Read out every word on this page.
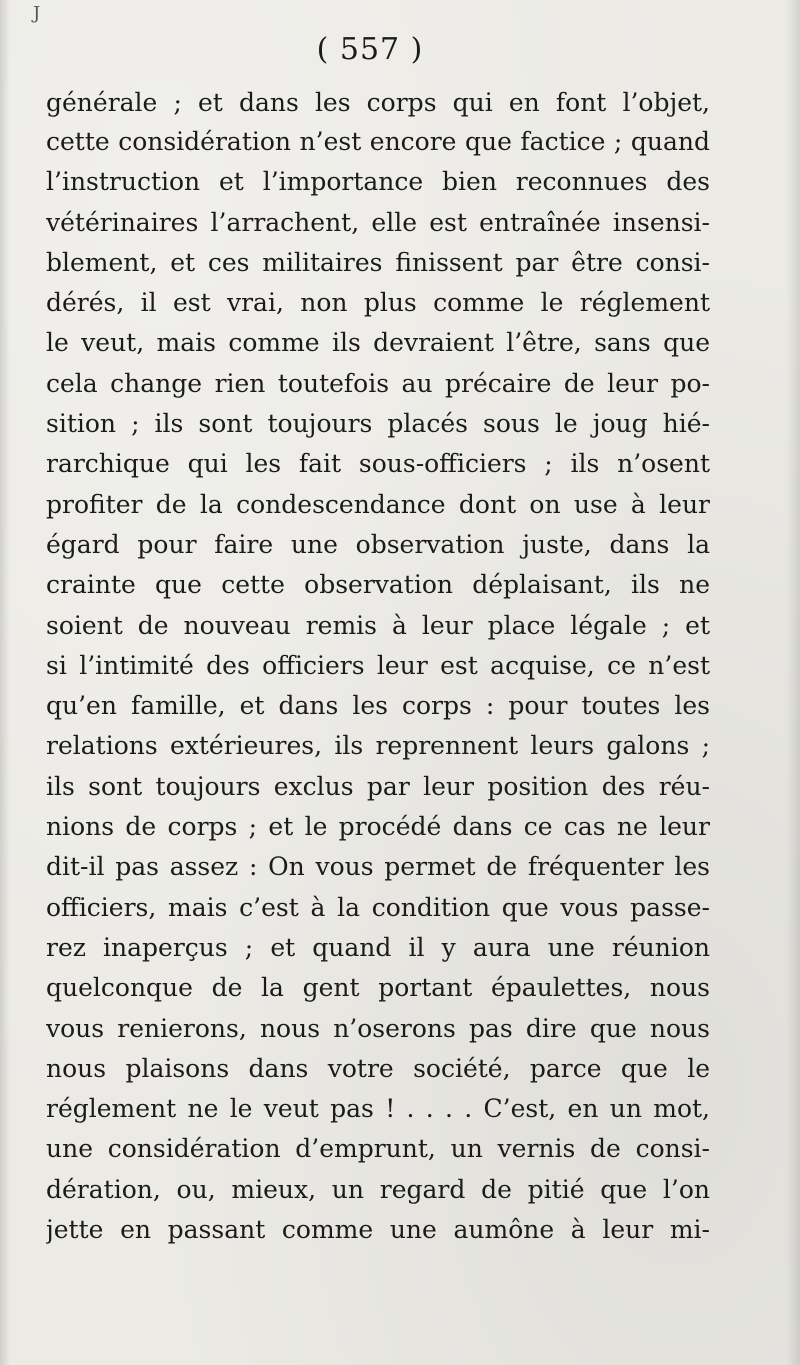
J
( 557 )
générale ; et dans les corps qui en font l’objet,
cette considération n’est encore que factice ; quand
l’instruction et l’importance bien reconnues des
vétérinaires l’arrachent, elle est entraînée insensi-
blement, et ces militaires finissent par être consi-
dérés, il est vrai, non plus comme le réglement
le veut, mais comme ils devraient l’être, sans que
cela change rien toutefois au précaire de leur po-
sition ; ils sont toujours placés sous le joug hié-
rarchique qui les fait sous-officiers ; ils n’osent
profiter de la condescendance dont on use à leur
égard pour faire une observation juste, dans la
crainte que cette observation déplaisant, ils ne
soient de nouveau remis à leur place légale ; et
si l’intimité des officiers leur est acquise, ce n’est
qu’en famille, et dans les corps : pour toutes les
relations extérieures, ils reprennent leurs galons ;
ils sont toujours exclus par leur position des réu-
nions de corps ; et le procédé dans ce cas ne leur
dit-il pas assez : On vous permet de fréquenter les
officiers, mais c’est à la condition que vous passe-
rez inaperçus ; et quand il y aura une réunion
quelconque de la gent portant épaulettes, nous
vous renierons, nous n’oserons pas dire que nous
nous plaisons dans votre société, parce que le
réglement ne le veut pas ! . . . . C’est, en un mot,
une considération d’emprunt, un vernis de consi-
dération, ou, mieux, un regard de pitié que l’on
jette en passant comme une aumône à leur mi-
